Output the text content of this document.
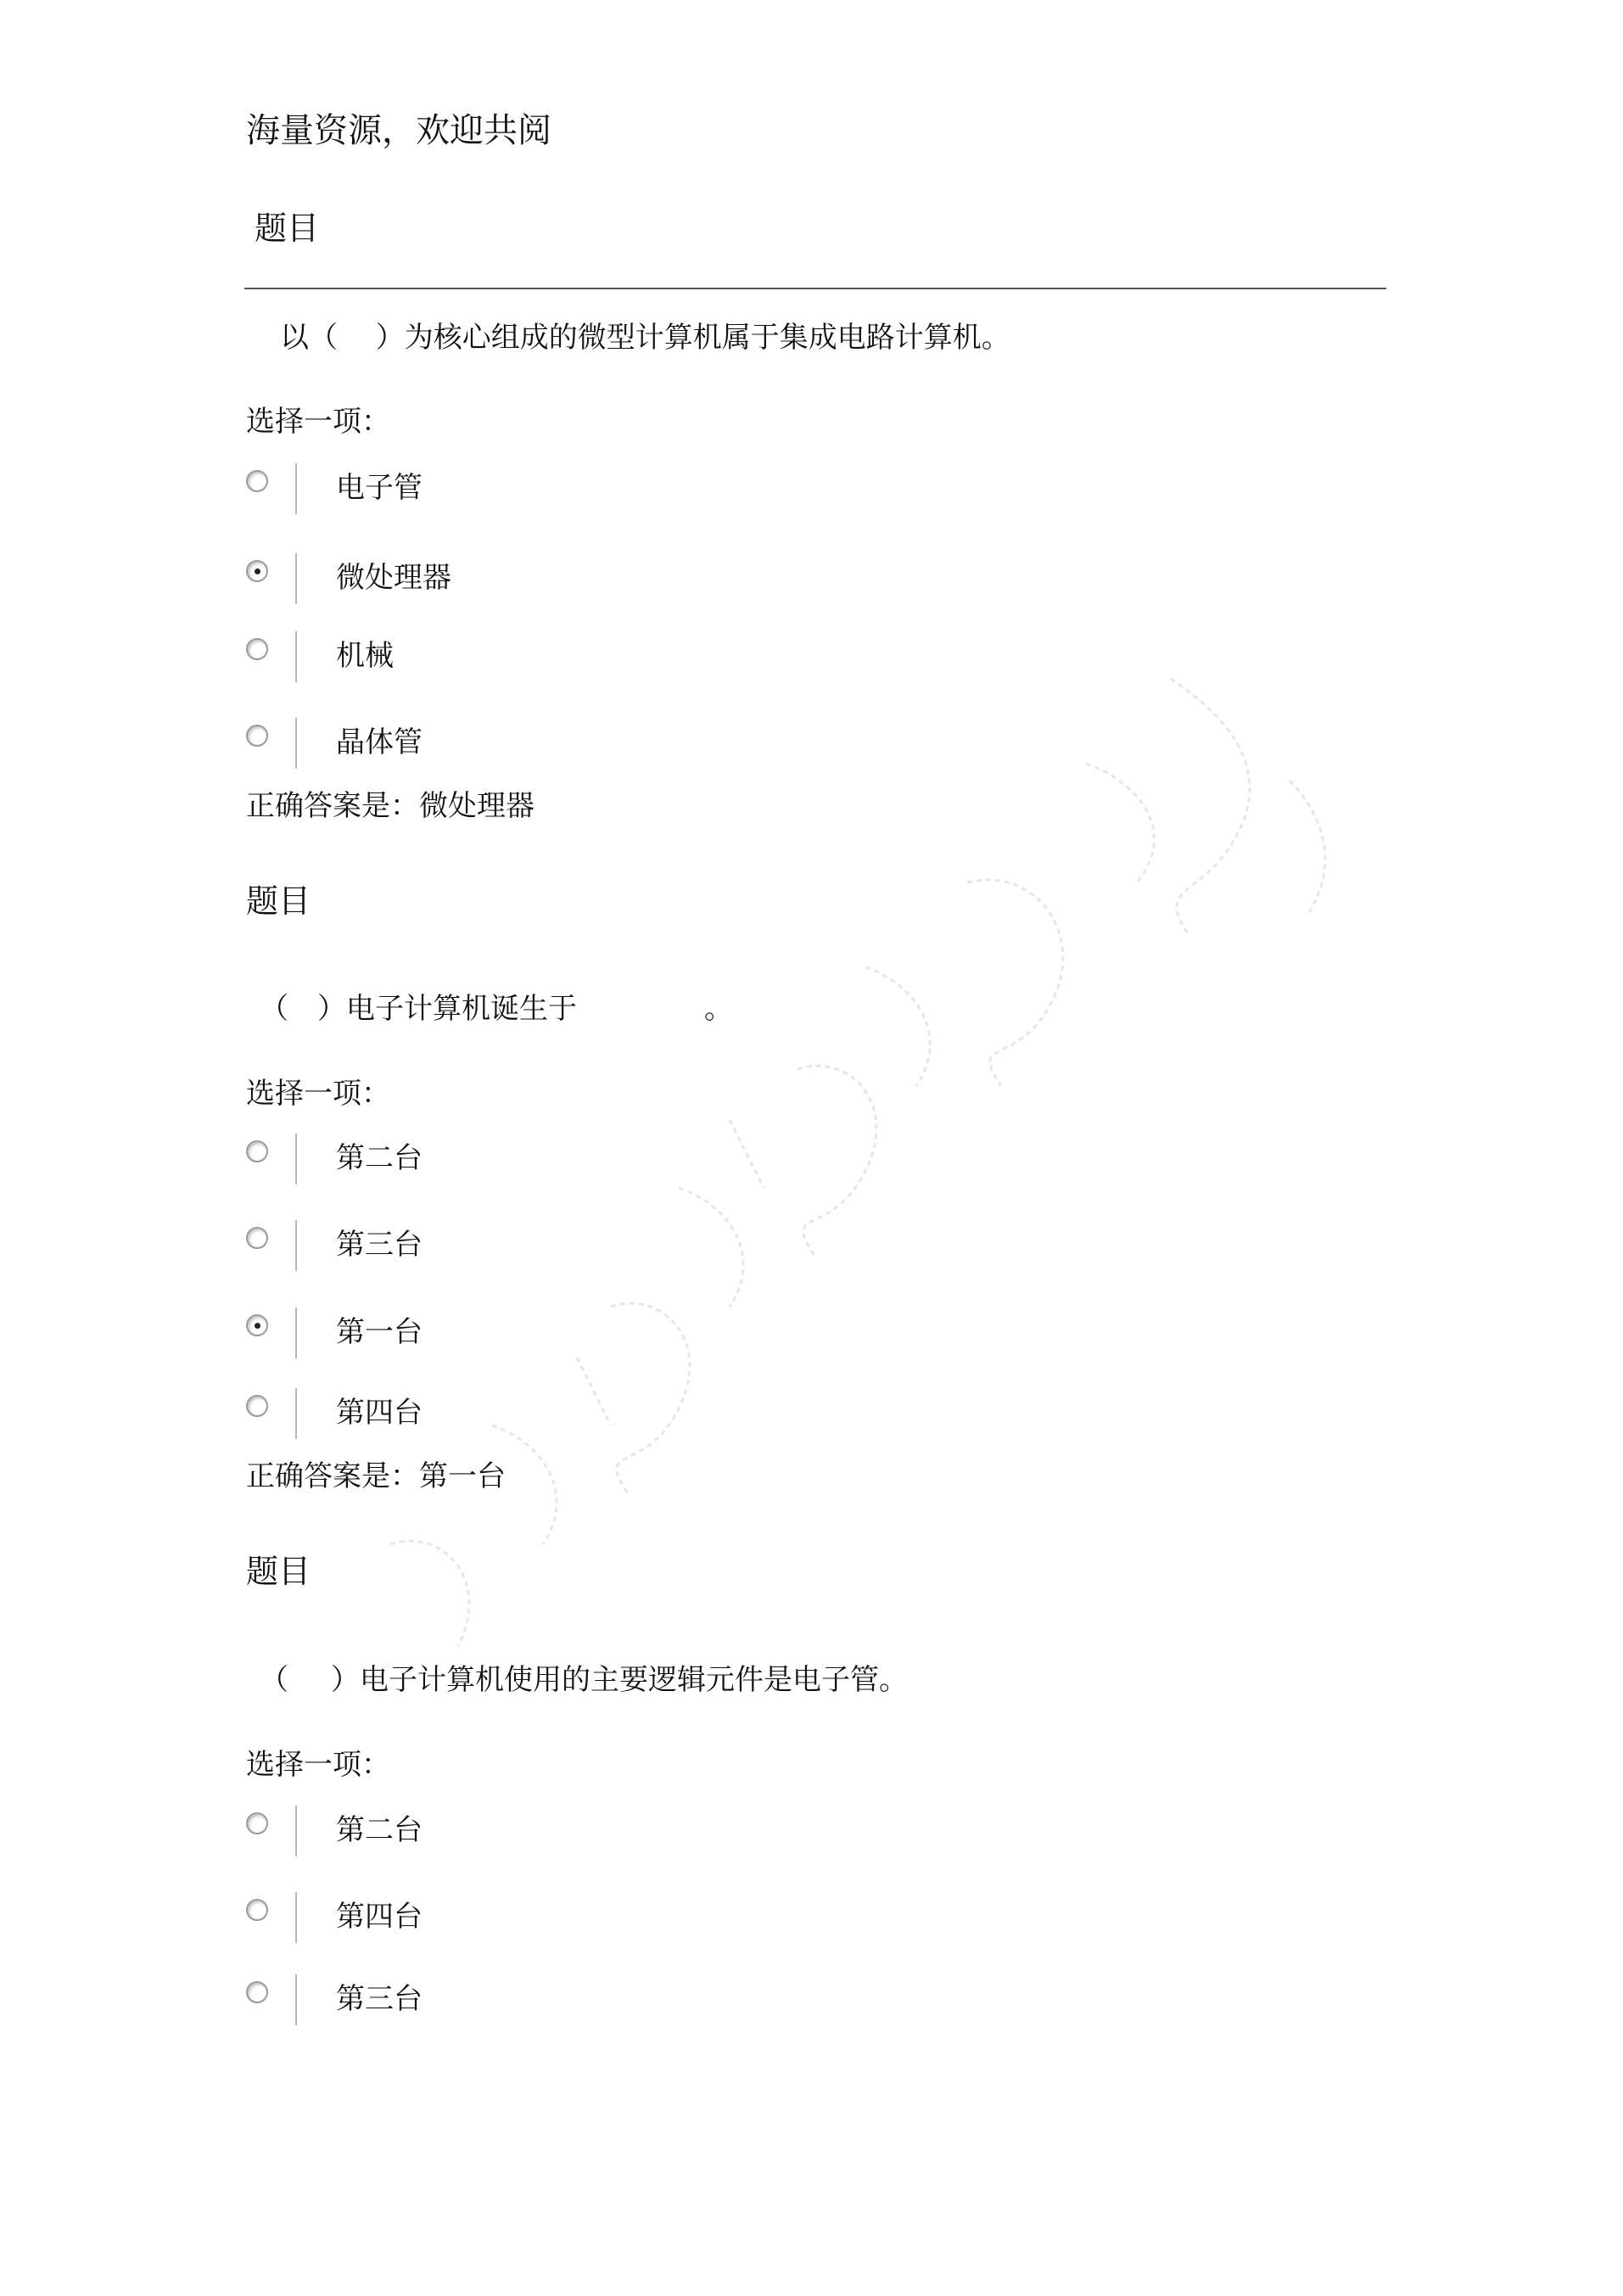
海量资源，欢迎共阅
题目
以（　 ）为核心组成的微型计算机属于集成电路计算机。
选择一项：
电子管
微处理器
机械
晶体管
正确答案是：微处理器
题目
（　）电子计算机诞生于	。
选择一项：
第二台
第三台
第一台
第四台
正确答案是：第一台
题目
（ ）电子计算机使用的主要逻辑元件是电子管。
选择一项：
第二台
第四台
第三台
